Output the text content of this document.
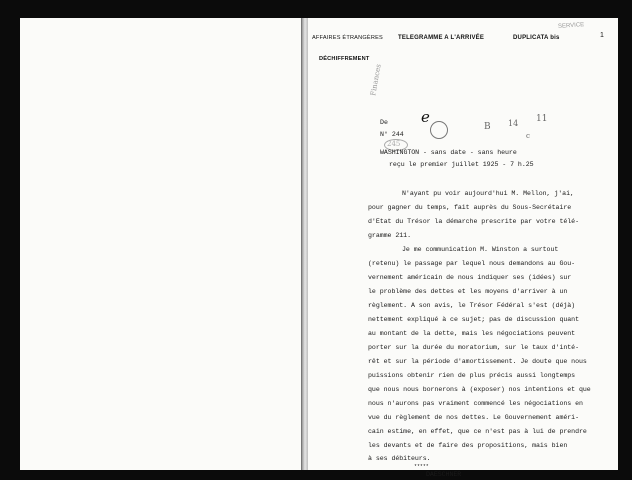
AFFAIRES ÉTRANGÈRES
DÉCHIFFREMENT
TELEGRAMME A L'ARRIVÉE	DUPLICATA bis	1
SERVICE
Finances
e
B 14 11
c
De
N° 244
245
WASHINGTON - sans date - sans heure
reçu le premier juillet 1925 - 7 h.25
N'ayant pu voir aujourd'hui M. Mellon, j'ai,
pour gagner du temps, fait auprès du Sous-Secrétaire
d'Etat du Trésor la démarche prescrite par votre télé-
gramme 211.
Je me communication M. Winston a surtout
(retenu) le passage par lequel nous demandons au Gou-
vernement américain de nous indiquer ses (idées) sur
le problème des dettes et les moyens d'arriver à un
règlement. A son avis, le Trésor Fédéral s'est (déjà)
nettement expliqué à ce sujet; pas de discussion quant
au montant de la dette, mais les négociations peuvent
porter sur la durée du moratorium, sur le taux d'inté-
rêt et sur la période d'amortissement. Je doute que nous
puissions obtenir rien de plus précis aussi longtemps
que nous nous bornerons à (exposer) nos intentions et que
nous n'aurons pas vraiment commencé les négociations en
vue du règlement de nos dettes. Le Gouvernement améri-
cain estime, en effet, que ce n'est pas à lui de prendre
les devants et de faire des propositions, mais bien
à ses débiteurs.
*****
DAESCHNER
